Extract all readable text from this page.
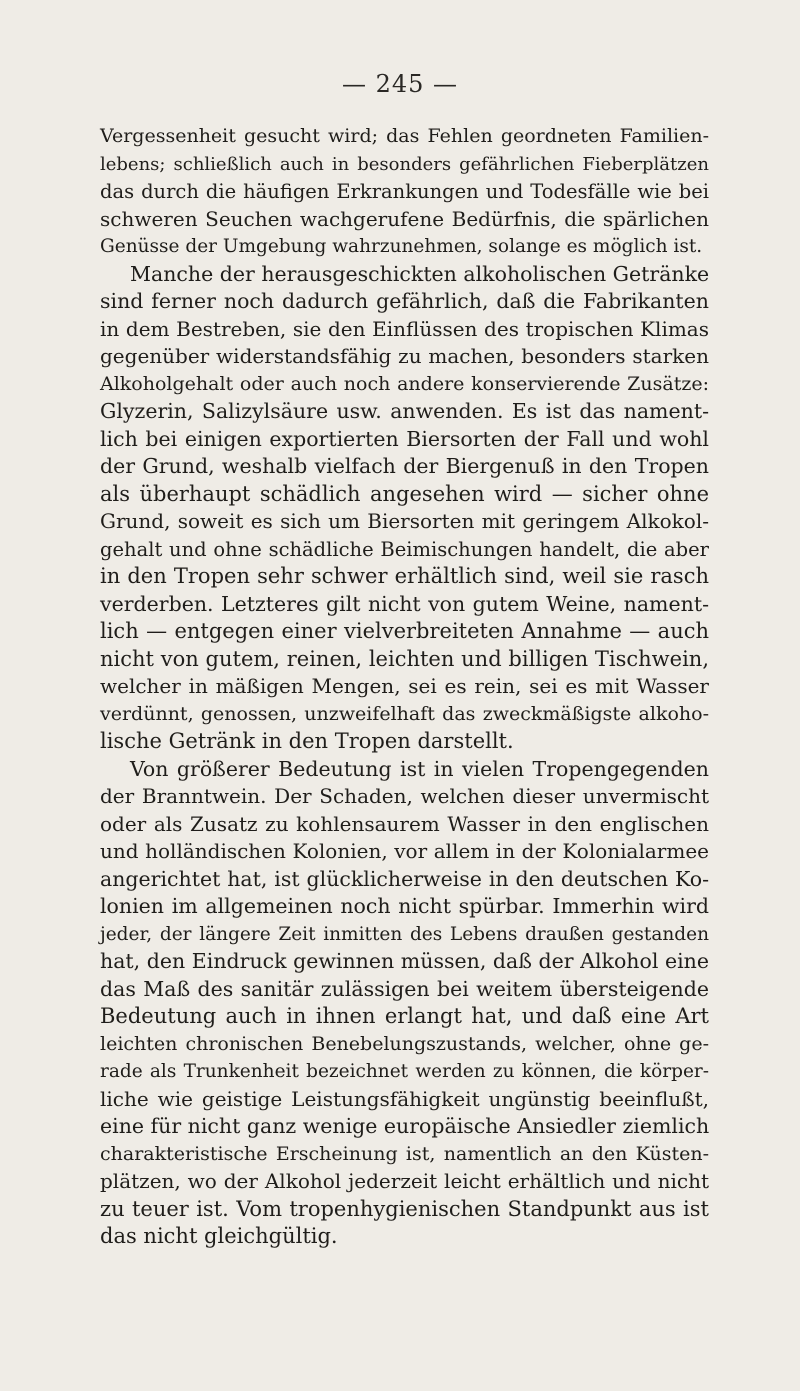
— 245 —
Vergessenheit gesucht wird; das Fehlen geordneten Familien-
lebens; schließlich auch in besonders gefährlichen Fieberplätzen
das durch die häufigen Erkrankungen und Todesfälle wie bei
schweren Seuchen wachgerufene Bedürfnis, die spärlichen
Genüsse der Umgebung wahrzunehmen, solange es möglich ist.
Manche der herausgeschickten alkoholischen Getränke
sind ferner noch dadurch gefährlich, daß die Fabrikanten
in dem Bestreben, sie den Einflüssen des tropischen Klimas
gegenüber widerstandsfähig zu machen, besonders starken
Alkoholgehalt oder auch noch andere konservierende Zusätze:
Glyzerin, Salizylsäure usw. anwenden. Es ist das nament-
lich bei einigen exportierten Biersorten der Fall und wohl
der Grund, weshalb vielfach der Biergenuß in den Tropen
als überhaupt schädlich angesehen wird — sicher ohne
Grund, soweit es sich um Biersorten mit geringem Alkokol-
gehalt und ohne schädliche Beimischungen handelt, die aber
in den Tropen sehr schwer erhältlich sind, weil sie rasch
verderben. Letzteres gilt nicht von gutem Weine, nament-
lich — entgegen einer vielverbreiteten Annahme — auch
nicht von gutem, reinen, leichten und billigen Tischwein,
welcher in mäßigen Mengen, sei es rein, sei es mit Wasser
verdünnt, genossen, unzweifelhaft das zweckmäßigste alkoho-
lische Getränk in den Tropen darstellt.
Von größerer Bedeutung ist in vielen Tropengegenden
der Branntwein. Der Schaden, welchen dieser unvermischt
oder als Zusatz zu kohlensaurem Wasser in den englischen
und holländischen Kolonien, vor allem in der Kolonialarmee
angerichtet hat, ist glücklicherweise in den deutschen Ko-
lonien im allgemeinen noch nicht spürbar. Immerhin wird
jeder, der längere Zeit inmitten des Lebens draußen gestanden
hat, den Eindruck gewinnen müssen, daß der Alkohol eine
das Maß des sanitär zulässigen bei weitem übersteigende
Bedeutung auch in ihnen erlangt hat, und daß eine Art
leichten chronischen Benebelungszustands, welcher, ohne ge-
rade als Trunkenheit bezeichnet werden zu können, die körper-
liche wie geistige Leistungsfähigkeit ungünstig beeinflußt,
eine für nicht ganz wenige europäische Ansiedler ziemlich
charakteristische Erscheinung ist, namentlich an den Küsten-
plätzen, wo der Alkohol jederzeit leicht erhältlich und nicht
zu teuer ist. Vom tropenhygienischen Standpunkt aus ist
das nicht gleichgültig.
